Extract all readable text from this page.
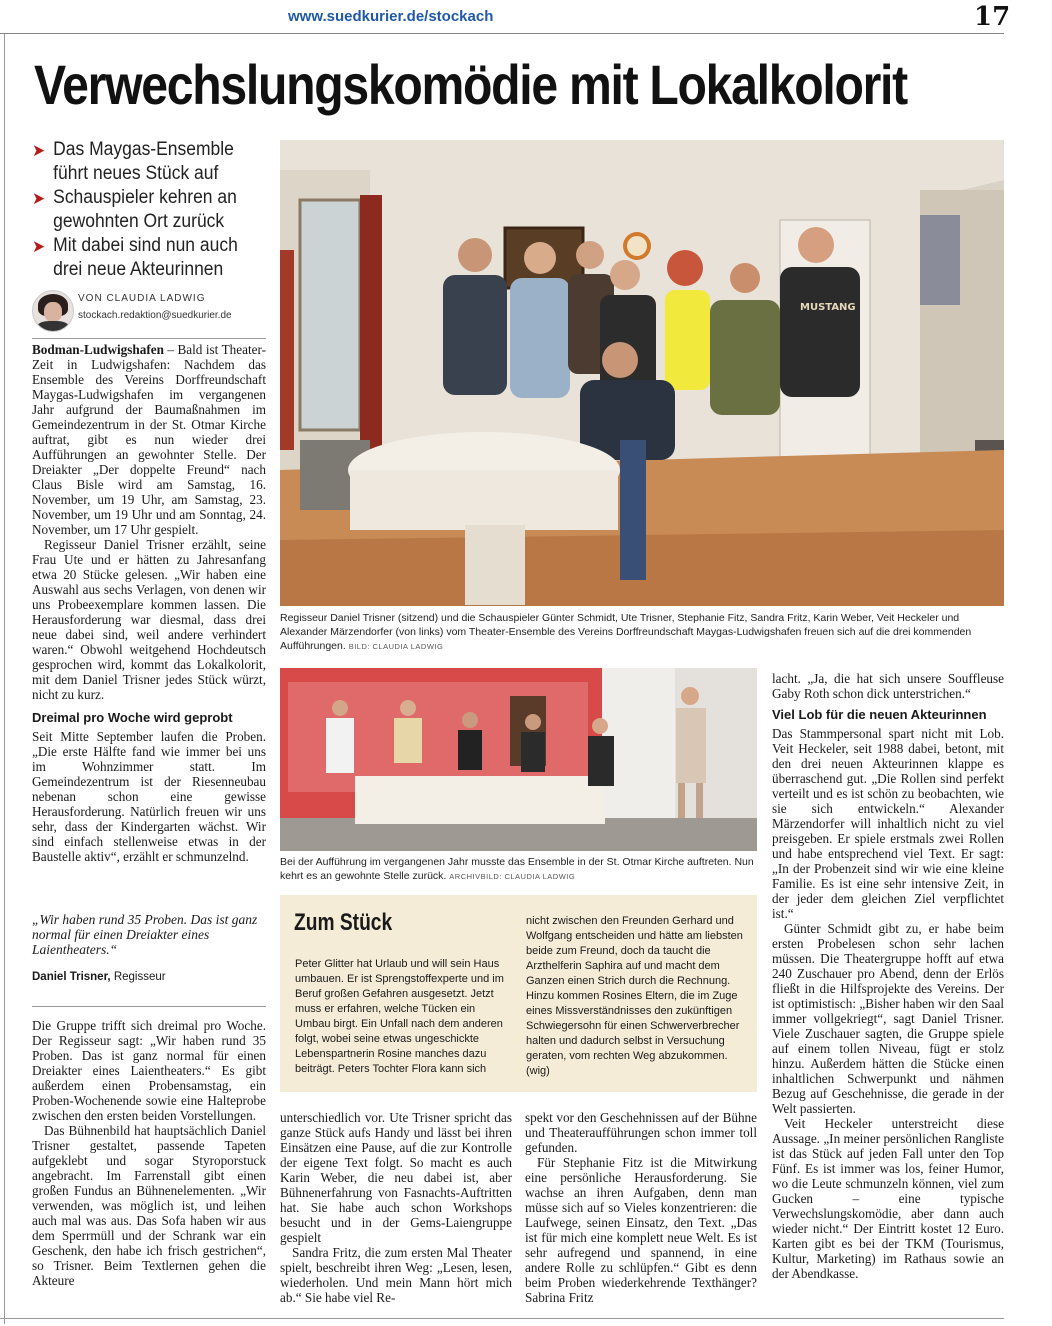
www.suedkurier.de/stockach	17
Verwechslungskomödie mit Lokalkolorit
➤ Das Maygas-Ensemble führt neues Stück auf
➤ Schauspieler kehren an gewohnten Ort zurück
➤ Mit dabei sind nun auch drei neue Akteurinnen
VON CLAUDIA LADWIG
stockach.redaktion@suedkurier.de

Bodman-Ludwigshafen – Bald ist Theater-Zeit in Ludwigshafen: Nachdem das Ensemble des Vereins Dorffreundschaft Maygas-Ludwigshafen im vergangenen Jahr aufgrund der Baumaßnahmen im Gemeindezentrum in der St. Otmar Kirche auftrat, gibt es nun wieder drei Aufführungen an gewohnter Stelle. Der Dreiakter „Der doppelte Freund“ nach Claus Bisle wird am Samstag, 16. November, um 19 Uhr, am Samstag, 23. November, um 19 Uhr und am Sonntag, 24. November, um 17 Uhr gespielt.

Regisseur Daniel Trisner erzählt, seine Frau Ute und er hätten zu Jahresanfang etwa 20 Stücke gelesen. „Wir haben eine Auswahl aus sechs Verlagen, von denen wir uns Probeexemplare kommen lassen. Die Herausforderung war diesmal, dass drei neue dabei sind, weil andere verhindert waren.“ Obwohl weitgehend Hochdeutsch gesprochen wird, kommt das Lokalkolorit, mit dem Daniel Trisner jedes Stück würzt, nicht zu kurz.

Dreimal pro Woche wird geprobt

Seit Mitte September laufen die Proben. „Die erste Hälfte fand wie immer bei uns im Wohnzimmer statt. Im Gemeindezentrum ist der Riesenneubau nebenan schon eine gewisse Herausforderung. Natürlich freuen wir uns sehr, dass der Kindergarten wächst. Wir sind einfach stellenweise etwas in der Baustelle aktiv“, erzählt er schmunzelnd.

„Wir haben rund 35 Proben. Das ist ganz normal für einen Dreiakter eines Laientheaters.“
Daniel Trisner, Regisseur

Die Gruppe trifft sich dreimal pro Woche. Der Regisseur sagt: „Wir haben rund 35 Proben. Das ist ganz normal für einen Dreiakter eines Laientheaters.“ Es gibt außerdem einen Probensamstag, ein Proben-Wochenende sowie eine Halteprobe zwischen den ersten beiden Vorstellungen.

Das Bühnenbild hat hauptsächlich Daniel Trisner gestaltet, passende Tapeten aufgeklebt und sogar Styroporstuck angebracht. Im Farrenstall gibt einen großen Fundus an Bühnenelementen. „Wir verwenden, was möglich ist, und leihen auch mal was aus. Das Sofa haben wir aus dem Sperrmüll und der Schrank war ein Geschenk, den habe ich frisch gestrichen“, so Trisner. Beim Textlernen gehen die Akteure

MUSTANG
Regisseur Daniel Trisner (sitzend) und die Schauspieler Günter Schmidt, Ute Trisner, Stephanie Fitz, Sandra Fritz, Karin Weber, Veit Heckeler und Alexander Märzendorfer (von links) vom Theater-Ensemble des Vereins Dorffreundschaft Maygas-Ludwigshafen freuen sich auf die drei kommenden Aufführungen. BILD: CLAUDIA LADWIG
Bei der Aufführung im vergangenen Jahr musste das Ensemble in der St. Otmar Kirche auftreten. Nun kehrt es an gewohnte Stelle zurück. ARCHIVBILD: CLAUDIA LADWIG
Zum Stück
Peter Glitter hat Urlaub und will sein Haus umbauen. Er ist Sprengstoffexperte und im Beruf großen Gefahren ausgesetzt. Jetzt muss er erfahren, welche Tücken ein Umbau birgt. Ein Unfall nach dem anderen folgt, wobei seine etwas ungeschickte Lebenspartnerin Rosine manches dazu beiträgt. Peters Tochter Flora kann sich
nicht zwischen den Freunden Gerhard und Wolfgang entscheiden und hätte am liebsten beide zum Freund, doch da taucht die Arzthelferin Saphira auf und macht dem Ganzen einen Strich durch die Rechnung. Hinzu kommen Rosines Eltern, die im Zuge eines Missverständnisses den zukünftigen Schwiegersohn für einen Schwerverbrecher halten und dadurch selbst in Versuchung geraten, vom rechten Weg abzukommen. (wig)

unterschiedlich vor. Ute Trisner spricht das ganze Stück aufs Handy und lässt bei ihren Einsätzen eine Pause, auf die zur Kontrolle der eigene Text folgt. So macht es auch Karin Weber, die neu dabei ist, aber Bühnenerfahrung von Fasnachts-Auftritten hat. Sie habe auch schon Workshops besucht und in der Gems-Laiengruppe gespielt

Sandra Fritz, die zum ersten Mal Theater spielt, beschreibt ihren Weg: „Lesen, lesen, wiederholen. Und mein Mann hört mich ab.“ Sie habe viel Re-

spekt vor den Geschehnissen auf der Bühne und Theateraufführungen schon immer toll gefunden.

Für Stephanie Fitz ist die Mitwirkung eine persönliche Herausforderung. Sie wachse an ihren Aufgaben, denn man müsse sich auf so Vieles konzentrieren: die Laufwege, seinen Einsatz, den Text. „Das ist für mich eine komplett neue Welt. Es ist sehr aufregend und spannend, in eine andere Rolle zu schlüpfen.“ Gibt es denn beim Proben wiederkehrende Texthänger? Sabrina Fritz

lacht. „Ja, die hat sich unsere Souffleuse Gaby Roth schon dick unterstrichen.“

Viel Lob für die neuen Akteurinnen

Das Stammpersonal spart nicht mit Lob. Veit Heckeler, seit 1988 dabei, betont, mit den drei neuen Akteurinnen klappe es überraschend gut. „Die Rollen sind perfekt verteilt und es ist schön zu beobachten, wie sie sich entwickeln.“ Alexander Märzendorfer will inhaltlich nicht zu viel preisgeben. Er spiele erstmals zwei Rollen und habe entsprechend viel Text. Er sagt: „In der Probenzeit sind wir wie eine kleine Familie. Es ist eine sehr intensive Zeit, in der jeder dem gleichen Ziel verpflichtet ist.“

Günter Schmidt gibt zu, er habe beim ersten Probelesen schon sehr lachen müssen. Die Theatergruppe hofft auf etwa 240 Zuschauer pro Abend, denn der Erlös fließt in die Hilfsprojekte des Vereins. Der ist optimistisch: „Bisher haben wir den Saal immer vollgekriegt“, sagt Daniel Trisner. Viele Zuschauer sagten, die Gruppe spiele auf einem tollen Niveau, fügt er stolz hinzu. Außerdem hätten die Stücke einen inhaltlichen Schwerpunkt und nähmen Bezug auf Geschehnisse, die gerade in der Welt passierten.

Veit Heckeler unterstreicht diese Aussage. „In meiner persönlichen Rangliste ist das Stück auf jeden Fall unter den Top Fünf. Es ist immer was los, feiner Humor, wo die Leute schmunzeln können, viel zum Gucken – eine typische Verwechslungskomödie, aber dann auch wieder nicht.“ Der Eintritt kostet 12 Euro. Karten gibt es bei der TKM (Tourismus, Kultur, Marketing) im Rathaus sowie an der Abendkasse.
